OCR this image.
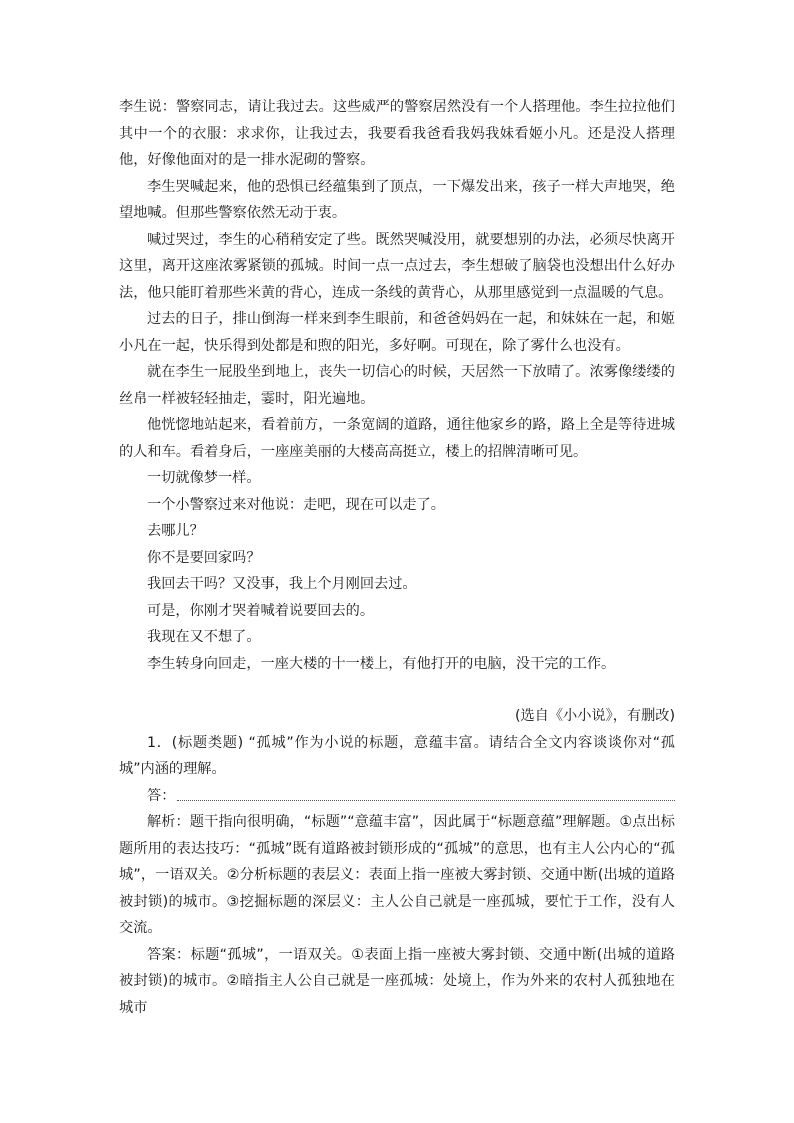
李生说：警察同志，请让我过去。这些威严的警察居然没有一个人搭理他。李生拉拉他们其中一个的衣服：求求你，让我过去，我要看我爸看我妈我妹看姬小凡。还是没人搭理他，好像他面对的是一排水泥砌的警察。

李生哭喊起来，他的恐惧已经蕴集到了顶点，一下爆发出来，孩子一样大声地哭，绝望地喊。但那些警察依然无动于衷。

喊过哭过，李生的心稍稍安定了些。既然哭喊没用，就要想别的办法，必须尽快离开这里，离开这座浓雾紧锁的孤城。时间一点一点过去，李生想破了脑袋也没想出什么好办法，他只能盯着那些米黄的背心，连成一条线的黄背心，从那里感觉到一点温暖的气息。

过去的日子，排山倒海一样来到李生眼前，和爸爸妈妈在一起，和妹妹在一起，和姬小凡在一起，快乐得到处都是和煦的阳光，多好啊。可现在，除了雾什么也没有。

就在李生一屁股坐到地上，丧失一切信心的时候，天居然一下放晴了。浓雾像缕缕的丝帛一样被轻轻抽走，霎时，阳光遍地。

他恍惚地站起来，看着前方，一条宽阔的道路，通往他家乡的路，路上全是等待进城的人和车。看着身后，一座座美丽的大楼高高挺立，楼上的招牌清晰可见。

一切就像梦一样。

一个小警察过来对他说：走吧，现在可以走了。

去哪儿？

你不是要回家吗？

我回去干吗？又没事，我上个月刚回去过。

可是，你刚才哭着喊着说要回去的。

我现在又不想了。

李生转身向回走，一座大楼的十一楼上，有他打开的电脑，没干完的工作。

(选自《小小说》，有删改)

1．(标题类题) “孤城”作为小说的标题，意蕴丰富。请结合全文内容谈谈你对“孤城”内涵的理解。

答：

解析：题干指向很明确，“标题”“意蕴丰富”，因此属于“标题意蕴”理解题。①点出标题所用的表达技巧：“孤城”既有道路被封锁形成的“孤城”的意思，也有主人公内心的“孤城”，一语双关。②分析标题的表层义：表面上指一座被大雾封锁、交通中断(出城的道路被封锁)的城市。③挖掘标题的深层义：主人公自己就是一座孤城，要忙于工作，没有人交流。

答案：标题“孤城”，一语双关。①表面上指一座被大雾封锁、交通中断(出城的道路被封锁)的城市。②暗指主人公自己就是一座孤城：处境上，作为外来的农村人孤独地在城市
